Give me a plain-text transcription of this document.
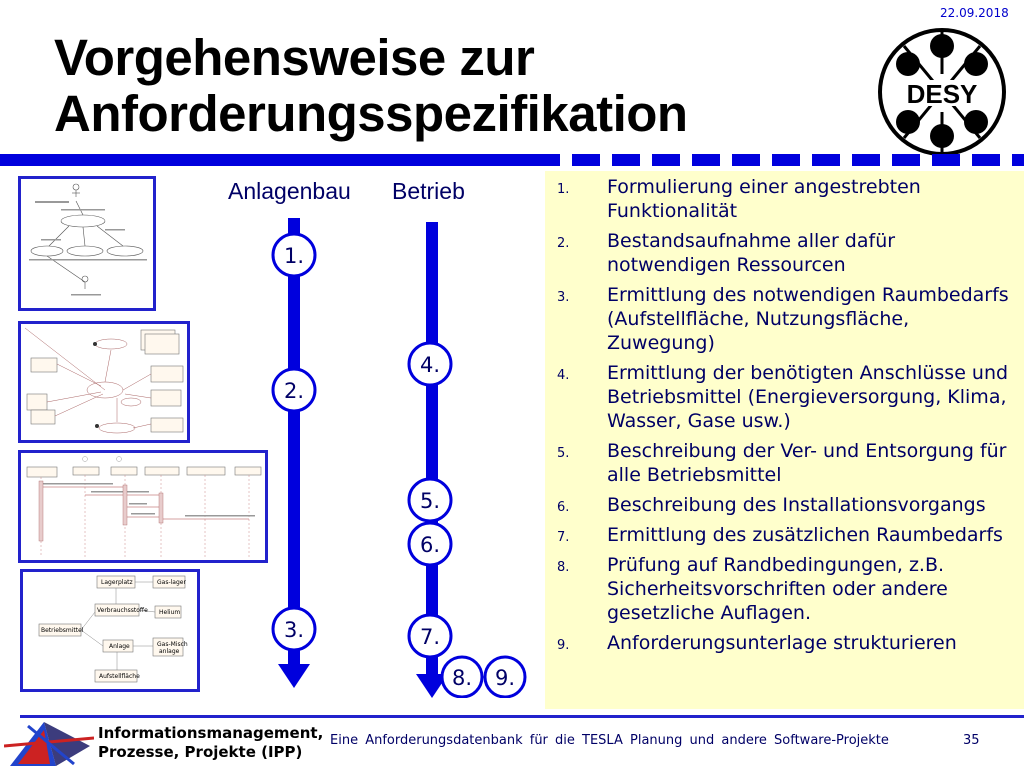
22.09.2018
Vorgehensweise zur
Anforderungsspezifikation	DESY
Lagerplatz	Gas-lager
Verbrauchsstoffe Helium
Betriebsmittel
Anlage	Gas-Misch
anlage
Aufstellfläche
Anlagenbau Betrieb
1.
2.
3.
4.
5.
6.
7.
8. 9.
1. Formulierung einer angestrebten Funktionalität
2. Bestandsaufnahme aller dafür notwendigen Ressourcen
3. Ermittlung des notwendigen Raumbedarfs (Aufstellfläche, Nutzungsfläche, Zuwegung)
4. Ermittlung der benötigten Anschlüsse und Betriebsmittel (Energieversorgung, Klima, Wasser, Gase usw.)
5. Beschreibung der Ver- und Entsorgung für alle Betriebsmittel
6. Beschreibung des Installationsvorgangs
7. Ermittlung des zusätzlichen Raumbedarfs
8. Prüfung auf Randbedingungen, z.B. Sicherheitsvorschriften oder andere gesetzliche Auflagen.
9. Anforderungsunterlage strukturieren
Informationsmanagement,
Prozesse, Projekte (IPP)
Eine Anforderungsdatenbank für die TESLA Planung und andere Software-Projekte	35
